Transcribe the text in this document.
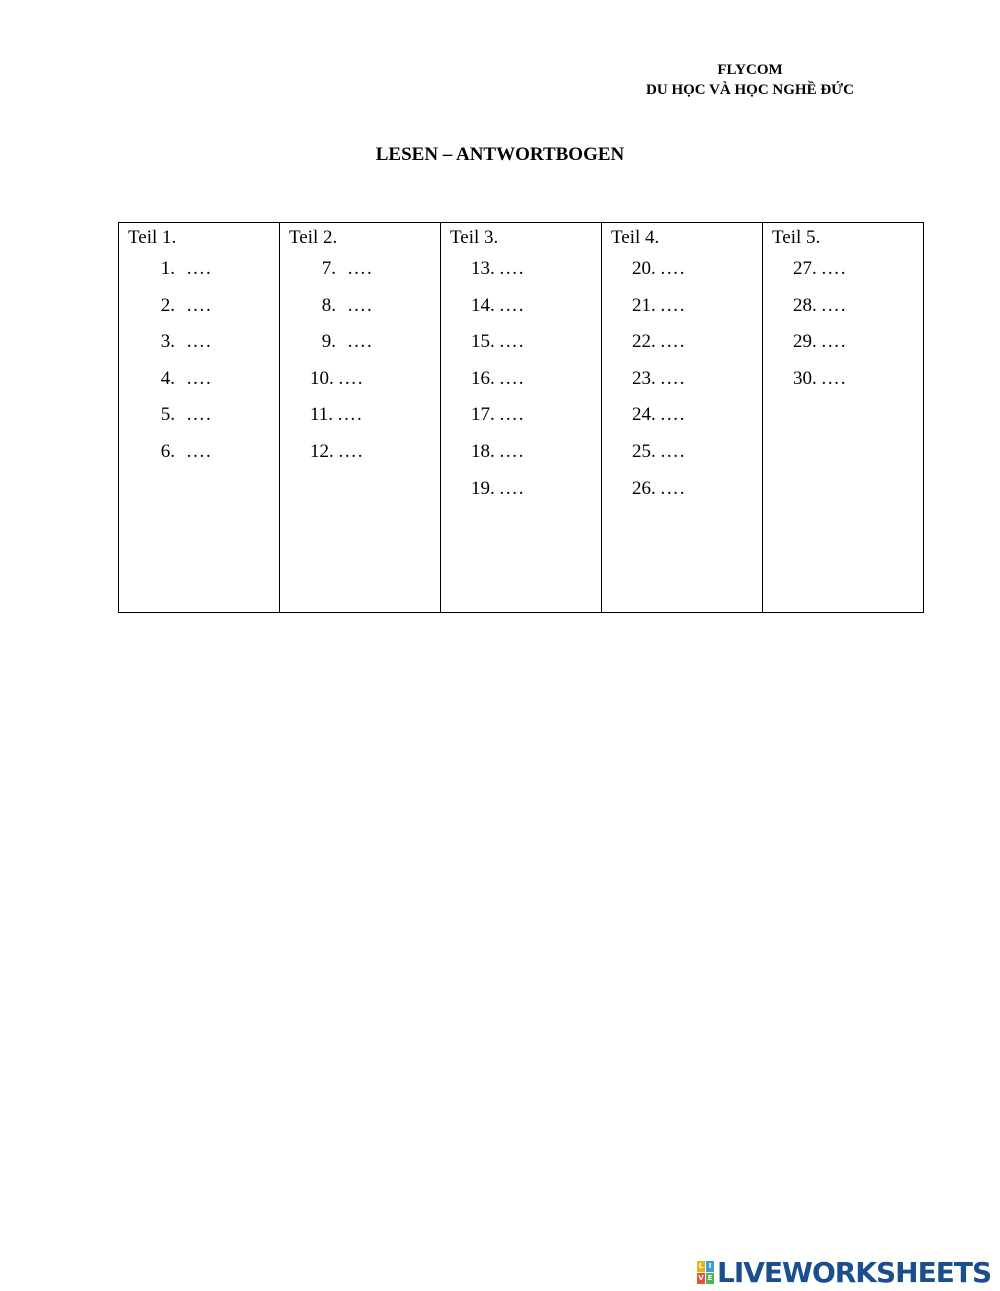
FLYCOM
DU HỌC VÀ HỌC NGHỀ ĐỨC
LESEN – ANTWORTBOGEN
Teil 1.
1. ….
2. ….
3. ….
4. ….
5. ….
6. ….
Teil 2.
7. ….
8. ….
9. ….
10. ….
11. ….
12. ….
Teil 3.
13. ….
14. ….
15. ….
16. ….
17. ….
18. ….
19. ….
Teil 4.
20. ….
21. ….
22. ….
23. ….
24. ….
25. ….
26. ….
Teil 5.
27. ….
28. ….
29. ….
30. ….
L I
V E LIVEWORKSHEETS
